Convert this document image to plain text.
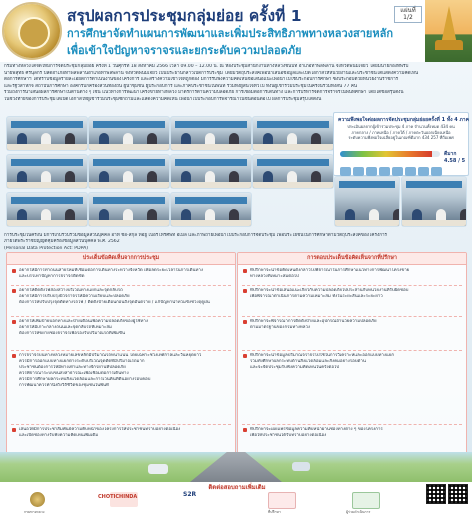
สรุปผลการประชุมกลุ่มย่อย ครั้งที่ 1
การศึกษาจัดทำแผนการพัฒนาและเพิ่มประสิทธิภาพทางหลวงสายหลัก
เพื่อเข้าใจปัญหาจราจรและยกระดับความปลอดภัย
แผ่นที่
1/2
กรมทางหลวงได้จัดให้มีการจัดประชุมกลุ่มย่อย ครั้งที่ 1 วันศุกร์ที่ 18 สิงหาคม 2566 เวลา 09.00 – 12.00 น. ณ ห้องประชุมสำนักงานทางหลวงชนบท อำเภอท่าพลพลาน จังหวัดพนมเจียว โดยมีนายกองทัพรับ
นายพิสุทธ ศรีนุลกร ปลัดอำเภอท่าพลพลานอำเภอท่าพลพลาน จังหวัดพนมเจียว เป็นประธานกล่าวเปิดการประชุม โดยมีวัตถุประสงค์เพื่อนำเสนอข้อมูลและเปิดโอกาสให้หน่วยงานและประชาชนได้แสดงความคิดเห็น
ต่อการศึกษาฯ ได้ทราบข้อมูลรายละเอียดการดำเนินงานของโครงการ และสร้างความเข้าใจที่ถูกต้อง มีการรับฟังความคิดเห็นข้อเสนอแนะเพื่อนำไปใช้ประกอบการศึกษา ซึ่งประกอบด้วยหน่วยงานราชการ
และรัฐวิสาหกิจ สถาบันการศึกษา องค์กรปกครองส่วนท้องถิ่น ผู้นำชุมชน ผู้ประกอบการ และภาคประชาชนในพื้นที่ รวมทั้งผู้สนใจทั่วไป ทั้งนี้ผู้เข้าร่วมประชุมในครั้งนี้รวมทั้งสิ้น 77 คน
รวมถึงการนำเสนอผลการศึกษาในด้านต่าง ๆ เช่น แนวทางการพัฒนาโครงข่ายทางหลวง มาตรการด้านความปลอดภัย การเชื่อมต่อการเดินทาง และการบริหารจัดการจราจรในพื้นที่ศึกษา โดยได้ข้อสรุปดังนี้
ในช่วงท้ายของการประชุมได้เปิดโอกาสให้ผู้เข้าร่วมประชุมซักถามและแสดงความคิดเห็น เพื่อนำไปประกอบการพิจารณาในขั้นตอนต่อไป ผลการประชุมสรุปได้ดังนี้
ความพึงพอใจต่อผลการจัดประชุมกลุ่มย่อยครั้งที่ 1 ทั้ง 4 ภาค
ประเมินผลจากผู้เข้าร่วมประชุม 4 ภาค จำนวนทั้งหมด 434 คน
ภาคกลาง / ภาคเหนือ / ภาคใต้ / ภาคตะวันออกเฉียงเหนือ
ระดับความพึงพอใจเฉลี่ยอยู่ในเกณฑ์ดีมาก 434 257 ที่ถือเพศ
ดีมาก 4.58 / 5
การประชุมในครั้งนี้ มีการเก็บรวบรวมข้อมูลส่วนบุคคล อาทิ ชื่อ-สกุล ที่อยู่ เบอร์โทรศัพท์ อีเมล และภาพถ่ายเพื่อนำไปประกอบการจัดประชุม เพื่อประโยชน์ในการศึกษาตามวัตถุประสงค์ของโครงการ
ภายใต้พระราชบัญญัติคุ้มครองข้อมูลส่วนบุคคล พ.ศ. 2562
(Personal Data Protection Act: PDPA)
ประเด็นข้อคิดเห็นจากการประชุม
อยากให้มีการทำถนนสายใหม่ที่เชื่อมต่อการเดินทางระหว่างจังหวัด เพื่อลดระยะเวลาในการเดินทาง
และบรรเทาปัญหาการจราจรติดขัด
อยากให้ติดตั้งไฟส่องสว่างบริเวณทางแยกและจุดกลับรถ
อยากให้มีการปรับปรุงผิวจราจรให้มีความเรียบและปลอดภัย
ต้องการให้ปรับปรุงจุดตัดทางรถไฟ / ติดตั้งป้ายเตือนก่อนถึงจุดอันตราย / แก้ปัญหาน้ำท่วมขังช่วงฤดูฝน
อยากให้เพิ่มป้ายบอกทางและป้ายเตือนเพื่อความปลอดภัยของผู้ใช้ทาง
อยากให้มีเกาะกลางถนนและจุดกลับรถที่เหมาะสม
ต้องการให้ขยายช่องจราจรเพื่อรองรับปริมาณรถที่เพิ่มขึ้น
การจราจรบนทางหลวงหมายเลขหลักมีปริมาณรถหนาแน่น โดยเฉพาะช่วงเทศกาลและวันหยุดยาว
ควรมีการออกแบบทางแยกต่างระดับบริเวณจุดตัดที่มีปริมาณรถมาก
ประชาชนต้องการให้มีทางเท้าและทางจักรยานที่ปลอดภัย
ควรพิจารณาระบบขนส่งสาธารณะเพื่อเชื่อมต่อการเดินทาง
ควรมีการศึกษาผลกระทบสิ่งแวดล้อมและการเวนคืนที่ดินอย่างรอบคอบ
การพัฒนาควรคำนึงถึงวิถีชีวิตของชุมชนในพื้นที่
เสนอให้มีการประชาสัมพันธ์ความคืบหน้าของโครงการให้ประชาชนทราบอย่างต่อเนื่อง
และเปิดช่องทางรับฟังความคิดเห็นเพิ่มเติม
การตอบประเด็นข้อคิดเห็นจากที่ปรึกษา
ที่ปรึกษาจะนำข้อคิดเห็นดังกล่าวไปพิจารณาในการศึกษาแนวทางการพัฒนาโครงข่าย
ทางหลวงที่เหมาะสมต่อไป
ที่ปรึกษาจะนำข้อเสนอแนะเกี่ยวกับความปลอดภัยไปประสานกับหน่วยงานที่รับผิดชอบ
เพื่อพิจารณาดำเนินการตามความเหมาะสม ทั้งในระยะสั้นและระยะยาว
ที่ปรึกษาจะพิจารณาการติดตั้งป้ายและอุปกรณ์อำนวยความปลอดภัย
ตามมาตรฐานของกรมทางหลวง
ที่ปรึกษาจะนำข้อมูลปริมาณจราจรไปใช้ในการวิเคราะห์และออกแบบทางแยก
รวมทั้งศึกษาผลกระทบด้านสิ่งแวดล้อมและสังคมอย่างรอบด้าน
และจะจัดประชุมรับฟังความคิดเห็นในครั้งต่อไป
ที่ปรึกษาจะเผยแพร่ข้อมูลความคืบหน้าผ่านช่องทางต่าง ๆ ของโครงการ
เพื่อให้ประชาชนได้รับทราบอย่างต่อเนื่อง
ติดต่อสอบถามเพิ่มเติม
กรมทางหลวง
CHOTICHINDA	S2R
ที่ปรึกษา	ผู้ร่วมดำเนินการ
